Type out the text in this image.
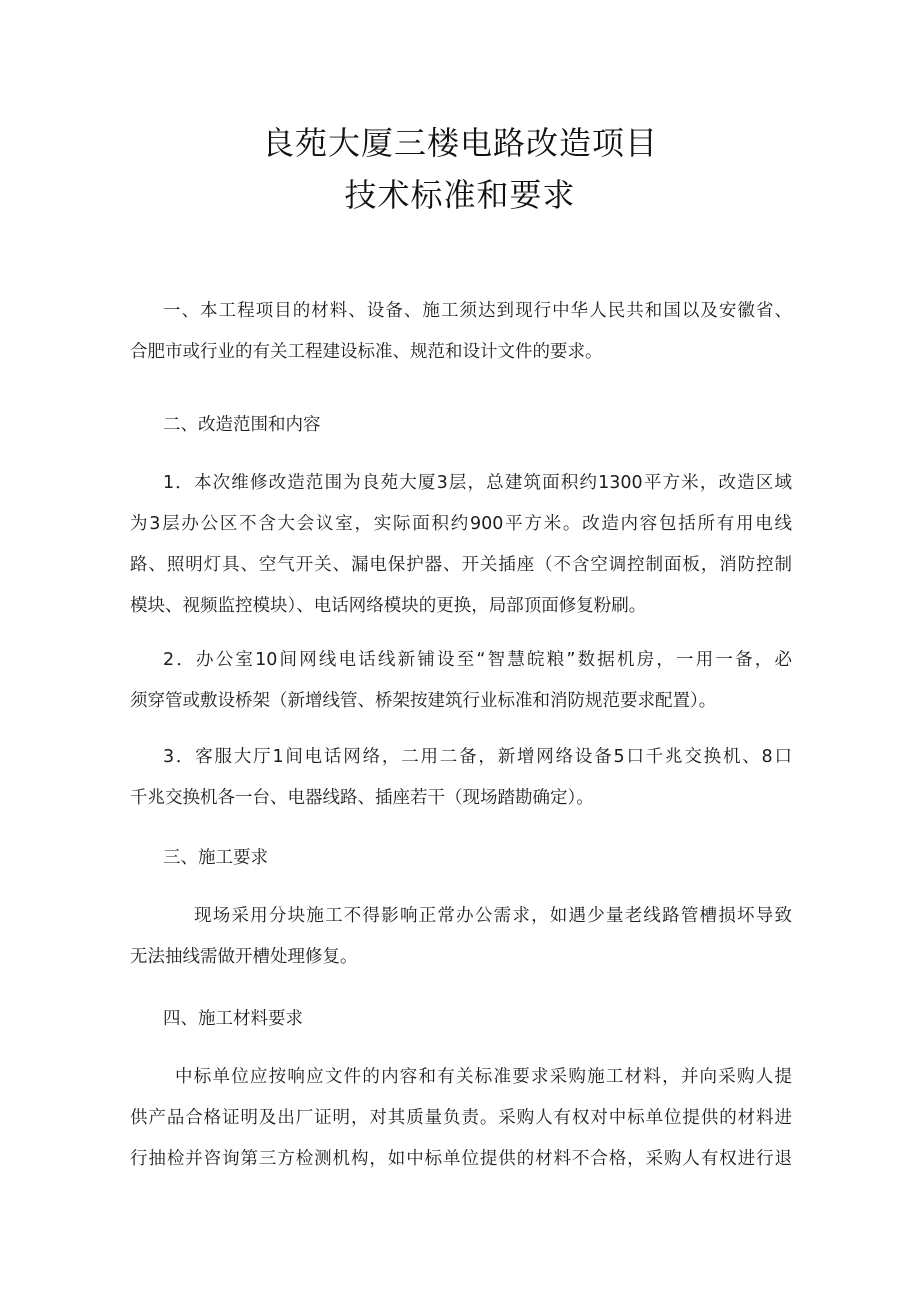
良苑大厦三楼电路改造项目
技术标准和要求
一、本工程项目的材料、设备、施工须达到现行中华人民共和国以及安徽省、
合肥市或行业的有关工程建设标准、规范和设计文件的要求。
二、改造范围和内容
1．本次维修改造范围为良苑大厦3层，总建筑面积约1300平方米，改造区域
为3层办公区不含大会议室，实际面积约900平方米。改造内容包括所有用电线
路、照明灯具、空气开关、漏电保护器、开关插座（不含空调控制面板，消防控制
模块、视频监控模块）、电话网络模块的更换，局部顶面修复粉刷。
2．办公室10间网线电话线新铺设至“智慧皖粮”数据机房，一用一备，必
须穿管或敷设桥架（新增线管、桥架按建筑行业标准和消防规范要求配置）。
3．客服大厅1间电话网络，二用二备，新增网络设备5口千兆交换机、8口
千兆交换机各一台、电器线路、插座若干（现场踏勘确定）。
三、施工要求
现场采用分块施工不得影响正常办公需求，如遇少量老线路管槽损坏导致
无法抽线需做开槽处理修复。
四、施工材料要求
中标单位应按响应文件的内容和有关标准要求采购施工材料，并向采购人提
供产品合格证明及出厂证明，对其质量负责。采购人有权对中标单位提供的材料进
行抽检并咨询第三方检测机构，如中标单位提供的材料不合格，采购人有权进行退
